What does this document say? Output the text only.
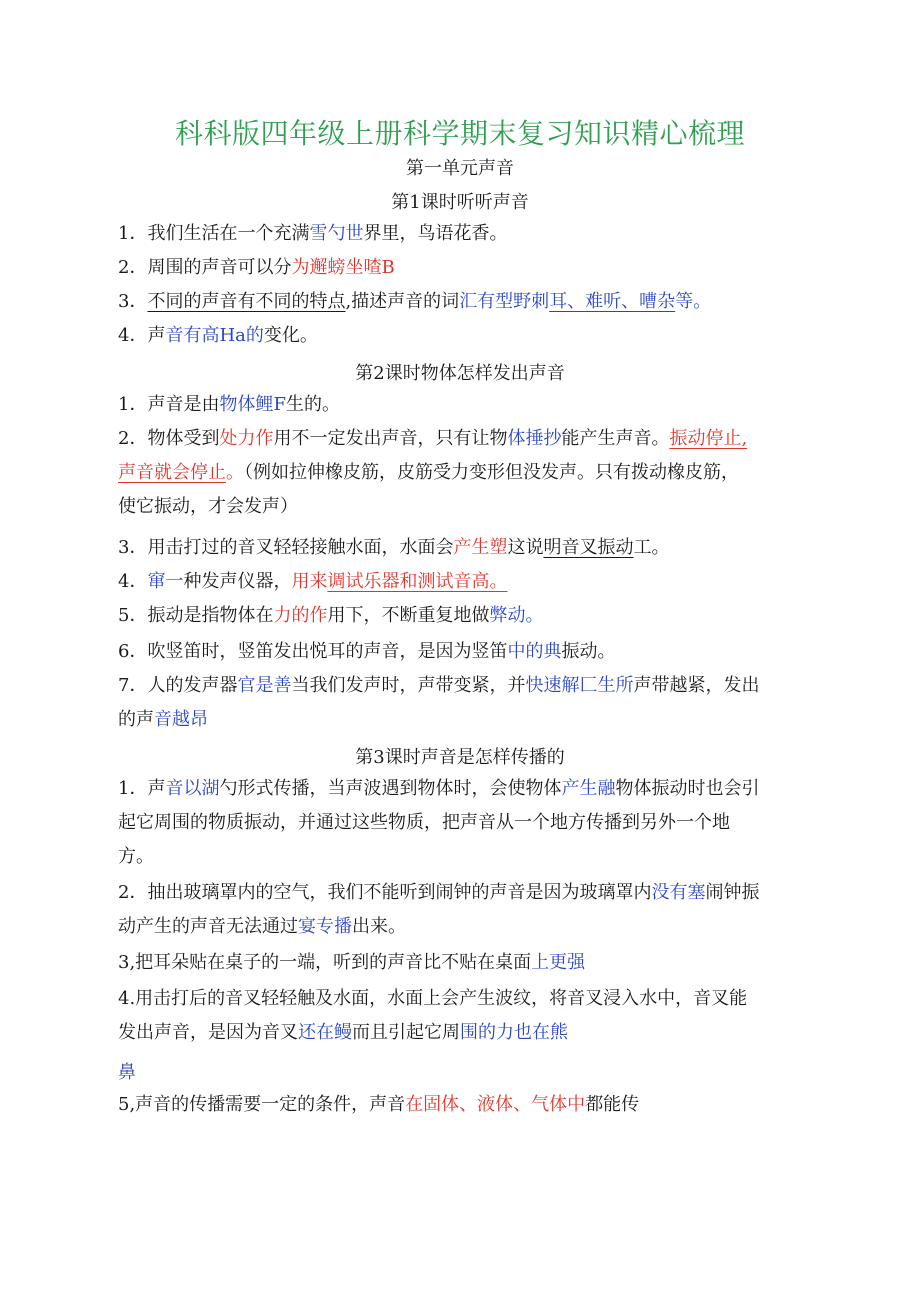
科科版四年级上册科学期末复习知识精心梳理
第一单元声音
第1课时听听声音
1．我们生活在一个充满雪勺世界里，鸟语花香。
2．周围的声音可以分为邂螃坐喳B
3．不同的声音有不同的特点,描述声音的词汇有型野刺耳、难听、嘈杂等。
4．声音有高Ha的变化。
第2课时物体怎样发出声音
1．声音是由物体鲤F生的。
2．物体受到处力作用不一定发出声音，只有让物体捶抄能产生声音。振动停止,
声音就会停止。（例如拉伸橡皮筋，皮筋受力变形但没发声。只有拨动橡皮筋，
使它振动，才会发声）
3．用击打过的音叉轻轻接触水面，水面会产生塑这说明音叉振动工。
4．窜一种发声仪器，用来调试乐器和测试音高。
5．振动是指物体在力的作用下，不断重复地做弊动。
6．吹竖笛时，竖笛发出悦耳的声音，是因为竖笛中的典振动。
7．人的发声器官是善当我们发声时，声带变紧，并快速解匚生所声带越紧，发出
的声音越昂
第3课时声音是怎样传播的
1．声音以湖勺形式传播，当声波遇到物体时，会使物体产生融物体振动时也会引
起它周围的物质振动，并通过这些物质，把声音从一个地方传播到另外一个地
方。
2．抽出玻璃罩内的空气，我们不能听到闹钟的声音是因为玻璃罩内没有塞闹钟振
动产生的声音无法通过宴专播出来。
3,把耳朵贴在桌子的一端，听到的声音比不贴在桌面上更强
4.用击打后的音叉轻轻触及水面，水面上会产生波纹，将音叉浸入水中，音叉能
发出声音，是因为音叉还在鳗而且引起它周围的力也在熊
鼻
5,声音的传播需要一定的条件，声音在固体、液体、气体中都能传
